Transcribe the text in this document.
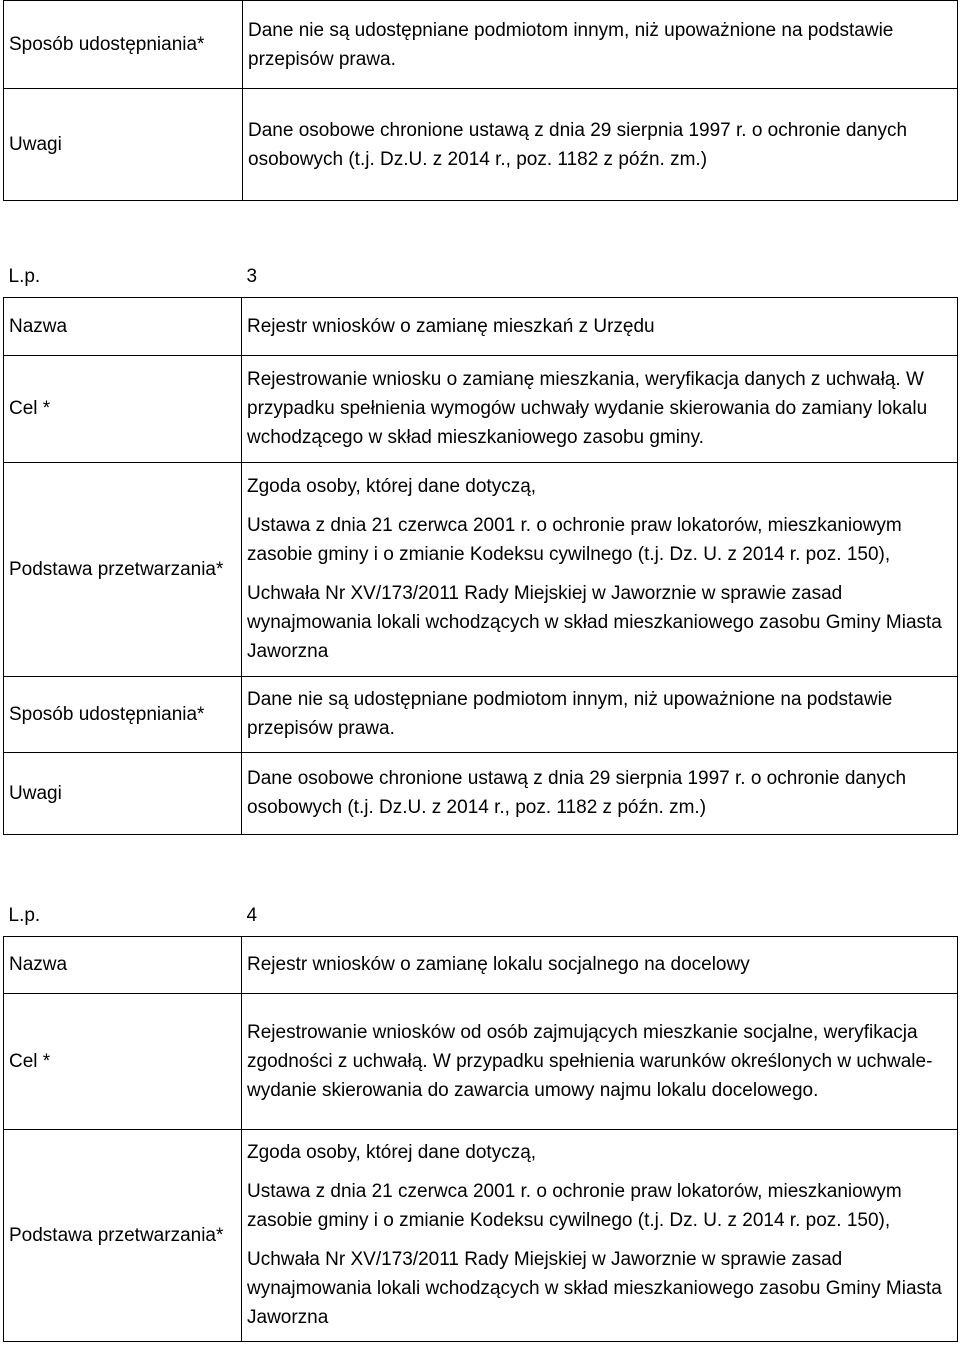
Sposób udostępniania*	Dane nie są udostępniane podmiotom innym, niż upoważnione na podstawie przepisów prawa.
Uwagi	Dane osobowe chronione ustawą z dnia 29 sierpnia 1997 r. o ochronie danych osobowych (t.j. Dz.U. z 2014 r., poz. 1182 z późn. zm.)
L.p.	3
Nazwa	Rejestr wniosków o zamianę mieszkań z Urzędu
Cel *	Rejestrowanie wniosku o zamianę mieszkania, weryfikacja danych z uchwałą. W przypadku spełnienia wymogów uchwały wydanie skierowania do zamiany lokalu wchodzącego w skład mieszkaniowego zasobu gminy.
Podstawa przetwarzania*	Zgoda osoby, której dane dotyczą,
Ustawa z dnia 21 czerwca 2001 r. o ochronie praw lokatorów, mieszkaniowym zasobie gminy i o zmianie Kodeksu cywilnego (t.j. Dz. U. z 2014 r. poz. 150),
Uchwała Nr XV/173/2011 Rady Miejskiej w Jaworznie w sprawie zasad wynajmowania lokali wchodzących w skład mieszkaniowego zasobu Gminy Miasta Jaworzna

Sposób udostępniania*	Dane nie są udostępniane podmiotom innym, niż upoważnione na podstawie przepisów prawa.
Uwagi	Dane osobowe chronione ustawą z dnia 29 sierpnia 1997 r. o ochronie danych osobowych (t.j. Dz.U. z 2014 r., poz. 1182 z późn. zm.)
L.p.	4
Nazwa	Rejestr wniosków o zamianę lokalu socjalnego na docelowy
Cel *	Rejestrowanie wniosków od osób zajmujących mieszkanie socjalne, weryfikacja zgodności z uchwałą. W przypadku spełnienia warunków określonych w uchwale- wydanie skierowania do zawarcia umowy najmu lokalu docelowego.
Podstawa przetwarzania*	Zgoda osoby, której dane dotyczą,
Ustawa z dnia 21 czerwca 2001 r. o ochronie praw lokatorów, mieszkaniowym zasobie gminy i o zmianie Kodeksu cywilnego (t.j. Dz. U. z 2014 r. poz. 150),
Uchwała Nr XV/173/2011 Rady Miejskiej w Jaworznie w sprawie zasad wynajmowania lokali wchodzących w skład mieszkaniowego zasobu Gminy Miasta Jaworzna
